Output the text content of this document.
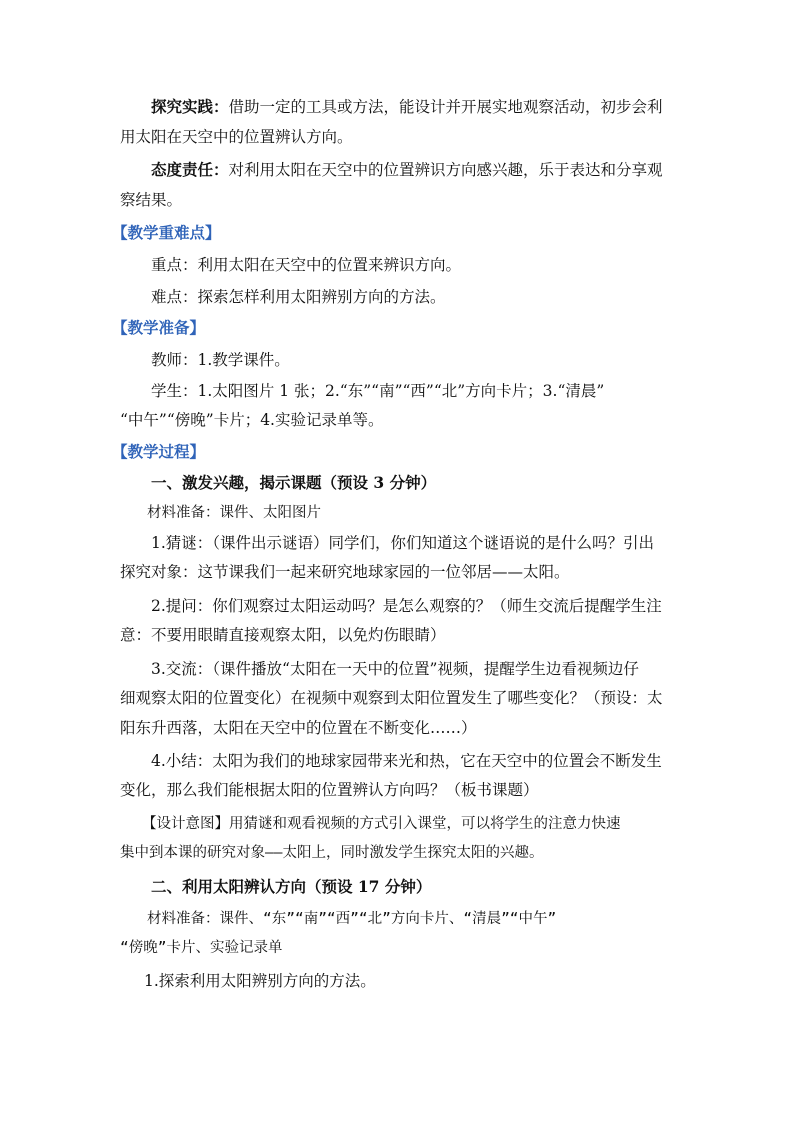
探究实践：借助一定的工具或方法，能设计并开展实地观察活动，初步会利

用太阳在天空中的位置辨认方向。

态度责任：对利用太阳在天空中的位置辨识方向感兴趣，乐于表达和分享观

察结果。

【教学重难点】

重点：利用太阳在天空中的位置来辨识方向。

难点：探索怎样利用太阳辨别方向的方法。

【教学准备】

教师：1.教学课件。

学生：1.太阳图片 1 张；2.“东”“南”“西”“北”方向卡片；3.“清晨”

“中午”“傍晚”卡片；4.实验记录单等。

【教学过程】

一、激发兴趣，揭示课题（预设 3 分钟）

材料准备：课件、太阳图片

1.猜谜：（课件出示谜语）同学们，你们知道这个谜语说的是什么吗？引出

探究对象：这节课我们一起来研究地球家园的一位邻居——太阳。

2.提问：你们观察过太阳运动吗？是怎么观察的？（师生交流后提醒学生注

意：不要用眼睛直接观察太阳，以免灼伤眼睛）

3.交流：（课件播放“太阳在一天中的位置”视频，提醒学生边看视频边仔

细观察太阳的位置变化）在视频中观察到太阳位置发生了哪些变化？（预设：太

阳东升西落，太阳在天空中的位置在不断变化……）

4.小结：太阳为我们的地球家园带来光和热，它在天空中的位置会不断发生

变化，那么我们能根据太阳的位置辨认方向吗？（板书课题）

【设计意图】用猜谜和观看视频的方式引入课堂，可以将学生的注意力快速

集中到本课的研究对象——太阳上，同时激发学生探究太阳的兴趣。

二、利用太阳辨认方向（预设 17 分钟）

材料准备：课件、“东”“南”“西”“北”方向卡片、“清晨”“中午”

“傍晚”卡片、实验记录单

1.探索利用太阳辨别方向的方法。
